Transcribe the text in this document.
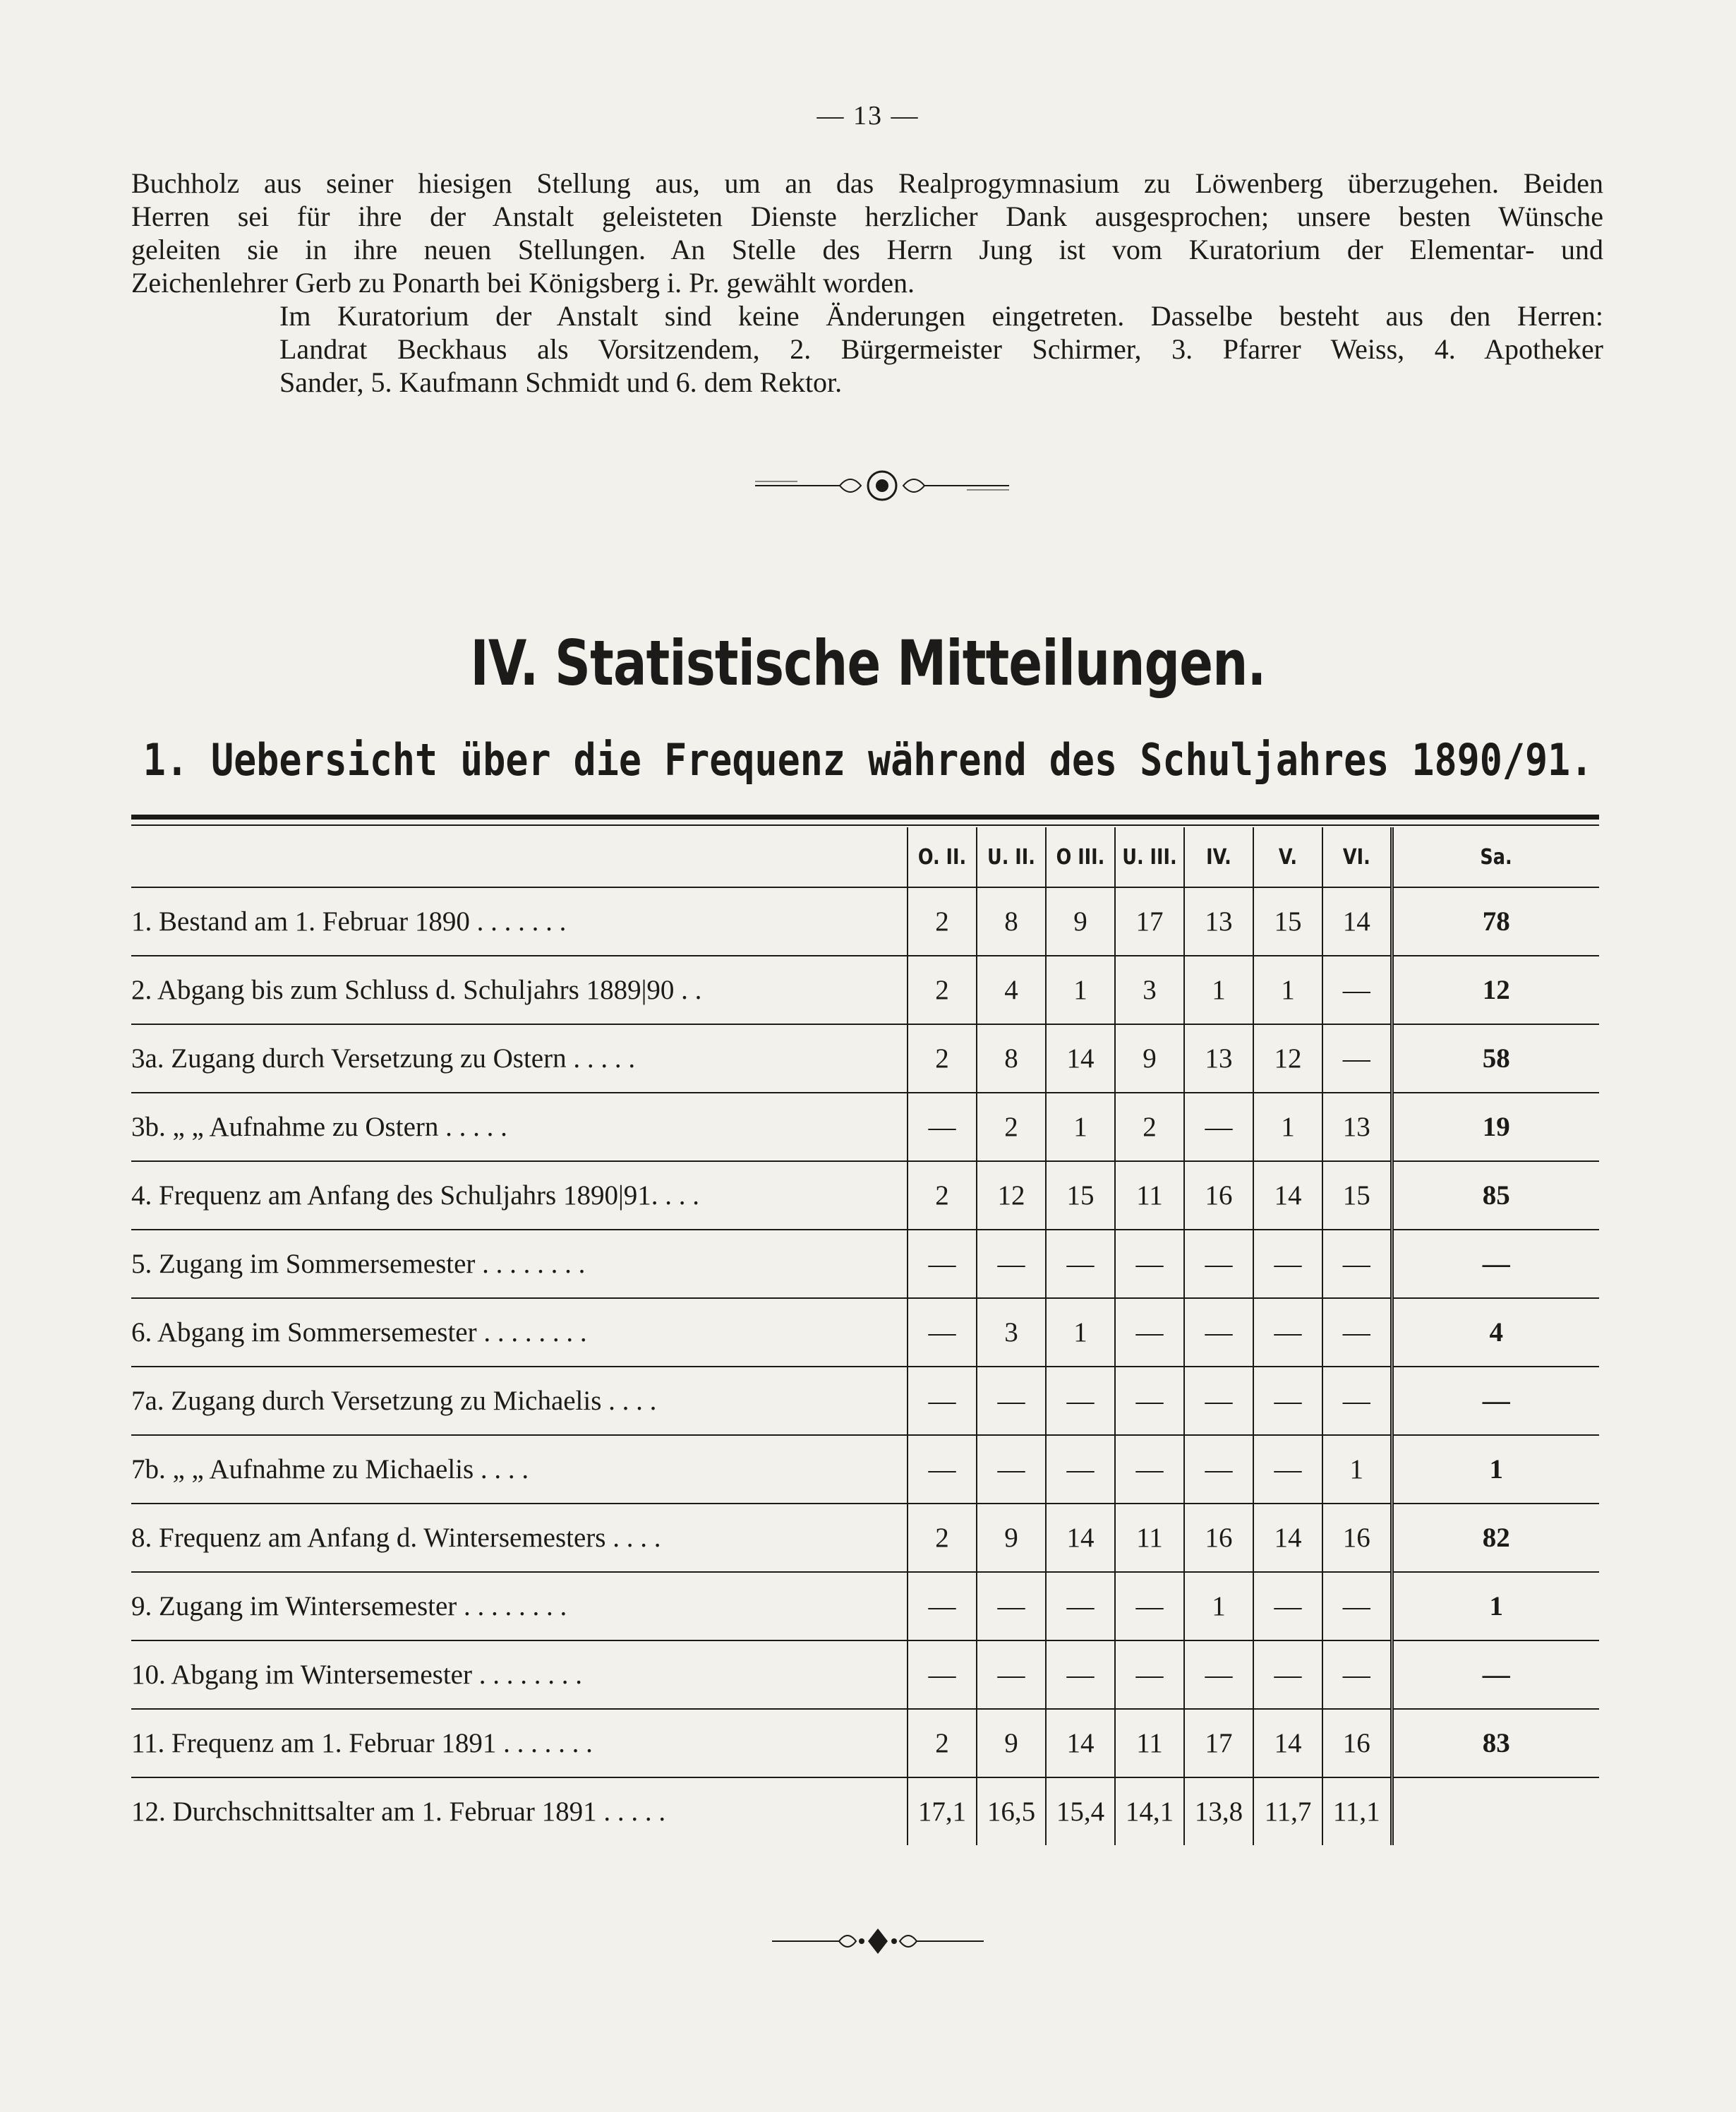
— 13 —

Buchholz aus seiner hiesigen Stellung aus, um an das Realprogymnasium zu Löwenberg überzugehen. Beiden
Herren sei für ihre der Anstalt geleisteten Dienste herzlicher Dank ausgesprochen; unsere besten Wünsche
geleiten sie in ihre neuen Stellungen. An Stelle des Herrn Jung ist vom Kuratorium der Elementar- und
Zeichenlehrer Gerb zu Ponarth bei Königsberg i. Pr. gewählt worden.

Im Kuratorium der Anstalt sind keine Änderungen eingetreten. Dasselbe besteht aus den Herren:
Landrat Beckhaus als Vorsitzendem, 2. Bürgermeister Schirmer, 3. Pfarrer Weiss, 4. Apotheker
Sander, 5. Kaufmann Schmidt und 6. dem Rektor.

IV. Statistische Mitteilungen.
1. Uebersicht über die Frequenz während des Schuljahres 1890/91.
	O. II.	U. II.	O III.	U. III.	IV.	V.	VI.	Sa.
1. Bestand am 1. Februar 1890 . . . . . . .	2	8	9	17	13	15	14	78
2. Abgang bis zum Schluss d. Schuljahrs 1889|90 . .	2	4	1	3	1	1	—	12
3a. Zugang durch Versetzung zu Ostern . . . . .	2	8	14	9	13	12	—	58
3b. „ „ Aufnahme zu Ostern . . . . .	—	2	1	2	—	1	13	19
4. Frequenz am Anfang des Schuljahrs 1890|91. . . .	2	12	15	11	16	14	15	85
5. Zugang im Sommersemester . . . . . . . .	—	—	—	—	—	—	—	—
6. Abgang im Sommersemester . . . . . . . .	—	3	1	—	—	—	—	4
7a. Zugang durch Versetzung zu Michaelis . . . .	—	—	—	—	—	—	—	—
7b. „ „ Aufnahme zu Michaelis . . . .	—	—	—	—	—	—	1	1
8. Frequenz am Anfang d. Wintersemesters . . . .	2	9	14	11	16	14	16	82
9. Zugang im Wintersemester . . . . . . . .	—	—	—	—	1	—	—	1
10. Abgang im Wintersemester . . . . . . . .	—	—	—	—	—	—	—	—
11. Frequenz am 1. Februar 1891 . . . . . . .	2	9	14	11	17	14	16	83
12. Durchschnittsalter am 1. Februar 1891 . . . . .	17,1	16,5	15,4	14,1	13,8	11,7	11,1	
